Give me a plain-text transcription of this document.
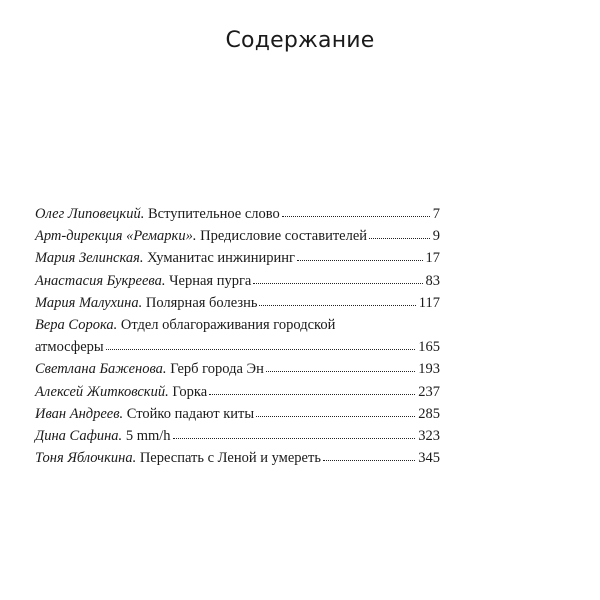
Содержание
Олег Липовецкий. Вступительное слово	7
Арт-дирекция «Ремарки». Предисловие составителей	9
Мария Зелинская. Хуманитас инжиниринг	17
Анастасия Букреева. Черная пурга	83
Мария Малухина. Полярная болезнь	117
Вера Сорока. Отдел облагораживания городской
атмосферы	165
Светлана Баженова. Герб города Эн	193
Алексей Житковский. Горка	237
Иван Андреев. Стойко падают киты	285
Дина Сафина. 5 mm/h	323
Тоня Яблочкина. Переспать с Леной и умереть	345
